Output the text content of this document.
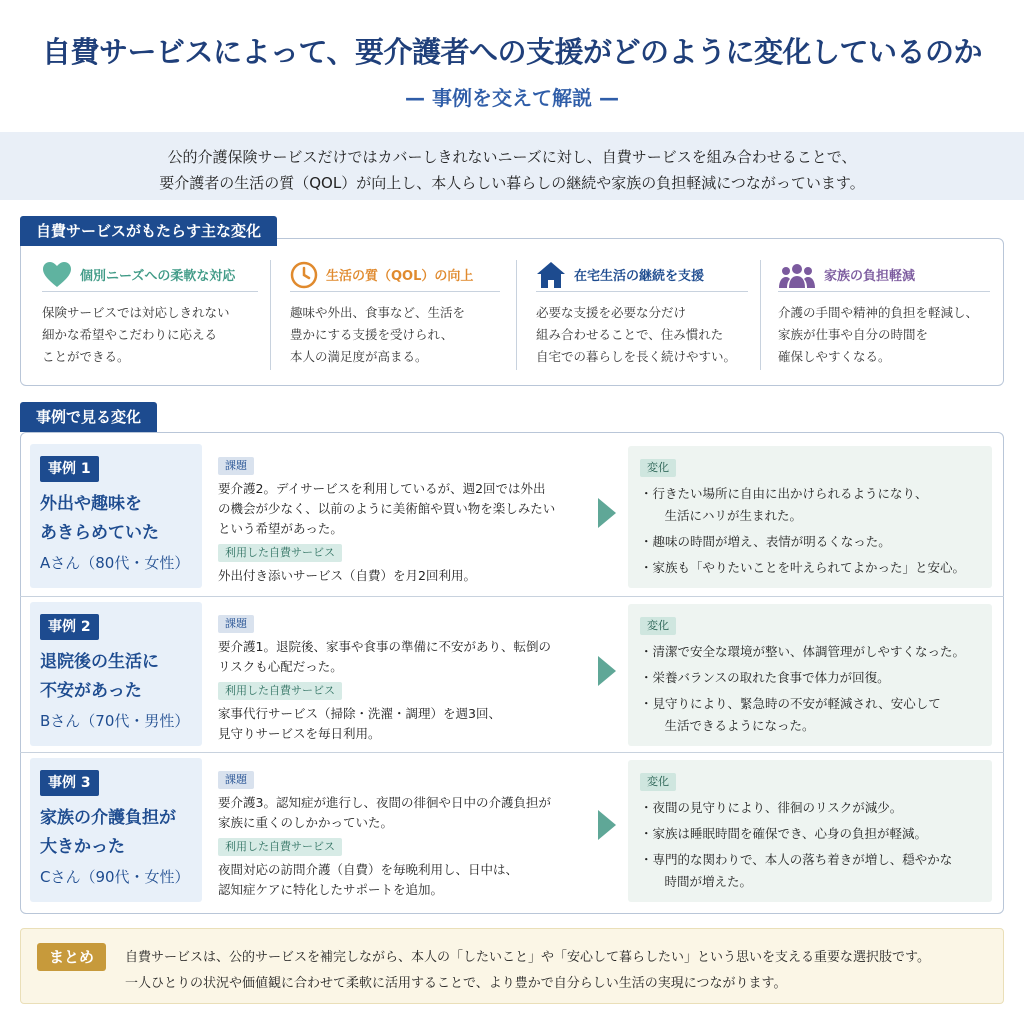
自費サービスによって、要介護者への支援がどのように変化しているのか
— 事例を交えて解説 —

公的介護保険サービスだけではカバーしきれないニーズに対し、自費サービスを組み合わせることで、

要介護者の生活の質（QOL）が向上し、本人らしい暮らしの継続や家族の負担軽減につながっています。

自費サービスがもたらす主な変化
個別ニーズへの柔軟な対応
保険サービスでは対応しきれない
細かな希望やこだわりに応える
ことができる。
生活の質（QOL）の向上
趣味や外出、食事など、生活を
豊かにする支援を受けられ、
本人の満足度が高まる。
在宅生活の継続を支援
必要な支援を必要な分だけ
組み合わせることで、住み慣れた
自宅での暮らしを長く続けやすい。
家族の負担軽減
介護の手間や精神的負担を軽減し、
家族が仕事や自分の時間を
確保しやすくなる。
事例で見る変化
事例 1
外出や趣味を
あきらめていた
Aさん（80代・女性）
課題
要介護2。デイサービスを利用しているが、週2回では外出
の機会が少なく、以前のように美術館や買い物を楽しみたい
という希望があった。
利用した自費サービス
外出付き添いサービス（自費）を月2回利用。
変化
・行きたい場所に自由に出かけられるようになり、
　生活にハリが生まれた。
・趣味の時間が増え、表情が明るくなった。
・家族も「やりたいことを叶えられてよかった」と安心。
事例 2
退院後の生活に
不安があった
Bさん（70代・男性）
課題
要介護1。退院後、家事や食事の準備に不安があり、転倒の
リスクも心配だった。
利用した自費サービス
家事代行サービス（掃除・洗濯・調理）を週3回、
見守りサービスを毎日利用。
変化
・清潔で安全な環境が整い、体調管理がしやすくなった。
・栄養バランスの取れた食事で体力が回復。
・見守りにより、緊急時の不安が軽減され、安心して
　生活できるようになった。
事例 3
家族の介護負担が
大きかった
Cさん（90代・女性）
課題
要介護3。認知症が進行し、夜間の徘徊や日中の介護負担が
家族に重くのしかかっていた。
利用した自費サービス
夜間対応の訪問介護（自費）を毎晩利用し、日中は、
認知症ケアに特化したサポートを追加。
変化
・夜間の見守りにより、徘徊のリスクが減少。
・家族は睡眠時間を確保でき、心身の負担が軽減。
・専門的な関わりで、本人の落ち着きが増し、穏やかな
　時間が増えた。
まとめ	自費サービスは、公的サービスを補完しながら、本人の「したいこと」や「安心して暮らしたい」という思いを支える重要な選択肢です。

一人ひとりの状況や価値観に合わせて柔軟に活用することで、より豊かで自分らしい生活の実現につながります。
